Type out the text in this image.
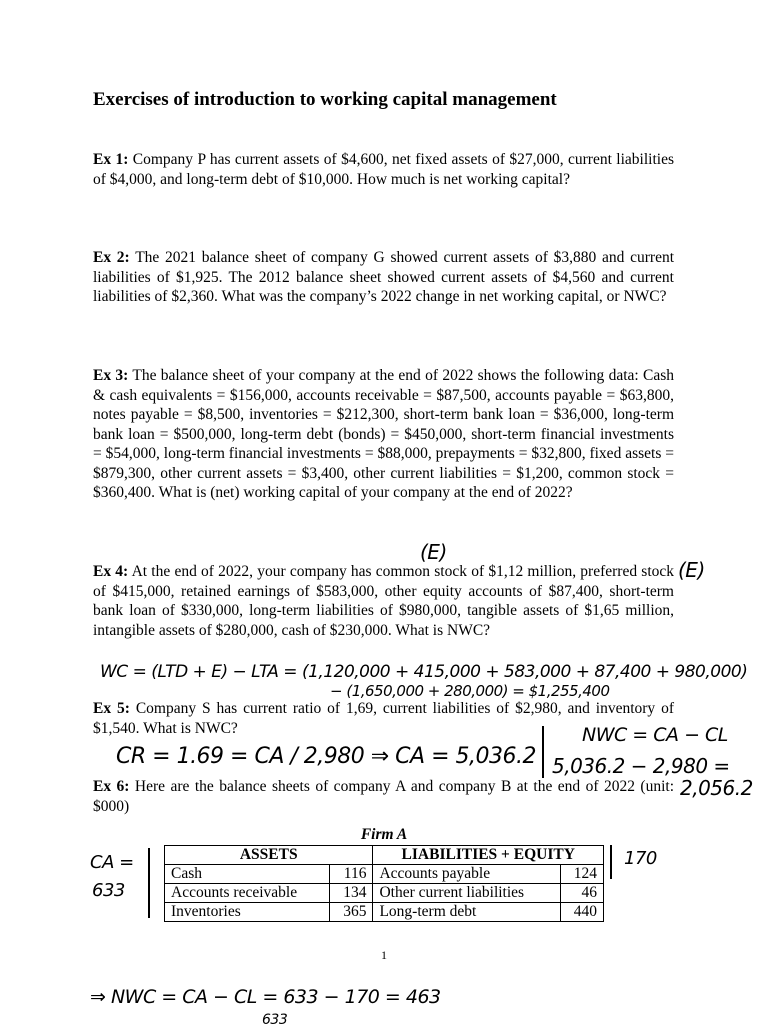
Exercises of introduction to working capital management

Ex 1: Company P has current assets of $4,600, net fixed assets of $27,000, current liabilities of $4,000, and long-term debt of $10,000. How much is net working capital?

Ex 2: The 2021 balance sheet of company G showed current assets of $3,880 and current liabilities of $1,925. The 2012 balance sheet showed current assets of $4,560 and current liabilities of $2,360. What was the company’s 2022 change in net working capital, or NWC?

Ex 3: The balance sheet of your company at the end of 2022 shows the following data: Cash & cash equivalents = $156,000, accounts receivable = $87,500, accounts payable = $63,800, notes payable = $8,500, inventories = $212,300, short-term bank loan = $36,000, long-term bank loan = $500,000, long-term debt (bonds) = $450,000, short-term financial investments = $54,000, long-term financial investments = $88,000, prepayments = $32,800, fixed assets = $879,300, other current assets = $3,400, other current liabilities = $1,200, common stock = $360,400. What is (net) working capital of your company at the end of 2022?

Ex 4: At the end of 2022, your company has common stock of $1,12 million, preferred stock of $415,000, retained earnings of $583,000, other equity accounts of $87,400, short-term bank loan of $330,000, long-term liabilities of $980,000, tangible assets of $1,65 million, intangible assets of $280,000, cash of $230,000. What is NWC?

(E)
(E)
WC = (LTD + E) − LTA = (1,120,000 + 415,000 + 583,000 + 87,400 + 980,000)
− (1,650,000 + 280,000) = $1,255,400

Ex 5: Company S has current ratio of 1,69, current liabilities of $2,980, and inventory of $1,540. What is NWC?	NWC = CA − CL
CR = 1.69 = CA / 2,980 ⇒ CA = 5,036.2 5,036.2 − 2,980 =

Ex 6: Here are the balance sheets of company A and company B at the end of 2022 (unit: $000)

2,056.2
Firm A
ASSETS		LIABILITIES + EQUITY	
Cash	116	Accounts payable	124
Accounts receivable	134	Other current liabilities	46
Inventories	365	Long-term debt	440
CA =
633
170
1
⇒ NWC = CA − CL = 633 − 170 = 463
633
